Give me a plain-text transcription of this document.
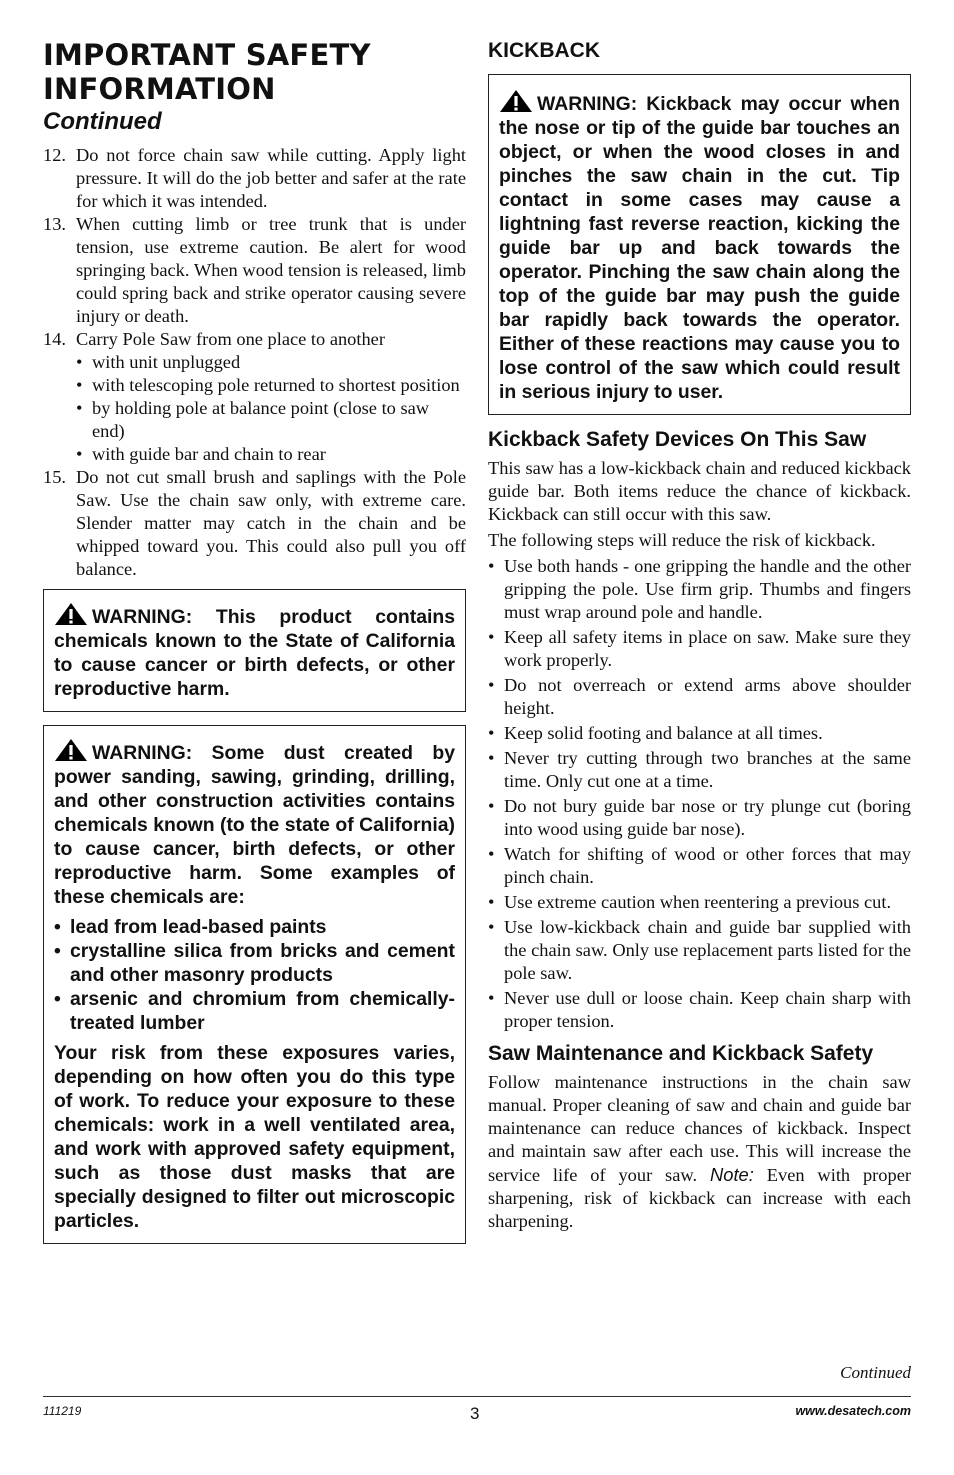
IMPORTANT SAFETY
INFORMATION
Continued
12. Do not force chain saw while cutting. Apply light pressure. It will do the job better and safer at the rate for which it was intended.
13. When cutting limb or tree trunk that is under tension, use extreme caution. Be alert for wood springing back. When wood tension is released, limb could spring back and strike operator causing severe injury or death.
14. Carry Pole Saw from one place to another
• with unit unplugged
• with telescoping pole returned to shortest position
• by holding pole at balance point (close to saw end)
• with guide bar and chain to rear
15. Do not cut small brush and saplings with the Pole Saw. Use the chain saw only, with extreme care. Slender matter may catch in the chain and be whipped toward you. This could also pull you off balance.

WARNING: This product contains chemicals known to the State of California to cause cancer or birth defects, or other reproductive harm.

WARNING: Some dust created by power sanding, sawing, grinding, drilling, and other construction activities contains chemicals known (to the state of California) to cause cancer, birth defects, or other reproductive harm. Some examples of these chemicals are:

• lead from lead-based paints
• crystalline silica from bricks and cement and other masonry products
• arsenic and chromium from chemically-treated lumber

Your risk from these exposures varies, depending on how often you do this type of work. To reduce your exposure to these chemicals: work in a well ventilated area, and work with approved safety equipment, such as those dust masks that are specially designed to filter out microscopic particles.

KICKBACK

WARNING: Kickback may occur when the nose or tip of the guide bar touches an object, or when the wood closes in and pinches the saw chain in the cut. Tip contact in some cases may cause a lightning fast reverse reaction, kicking the guide bar up and back towards the operator. Pinching the saw chain along the top of the guide bar may push the guide bar rapidly back towards the operator. Either of these reactions may cause you to lose control of the saw which could result in serious injury to user.

Kickback Safety Devices On This Saw

This saw has a low-kickback chain and reduced kickback guide bar. Both items reduce the chance of kickback. Kickback can still occur with this saw.

The following steps will reduce the risk of kickback.

• Use both hands - one gripping the handle and the other gripping the pole. Use firm grip. Thumbs and fingers must wrap around pole and handle.
• Keep all safety items in place on saw. Make sure they work properly.
• Do not overreach or extend arms above shoulder height.
• Keep solid footing and balance at all times.
• Never try cutting through two branches at the same time. Only cut one at a time.
• Do not bury guide bar nose or try plunge cut (boring into wood using guide bar nose).
• Watch for shifting of wood or other forces that may pinch chain.
• Use extreme caution when reentering a previous cut.
• Use low-kickback chain and guide bar supplied with the chain saw. Only use replacement parts listed for the pole saw.
• Never use dull or loose chain. Keep chain sharp with proper tension.
Saw Maintenance and Kickback Safety

Follow maintenance instructions in the chain saw manual. Proper cleaning of saw and chain and guide bar maintenance can reduce chances of kickback. Inspect and maintain saw after each use. This will increase the service life of your saw. Note: Even with proper sharpening, risk of kickback can increase with each sharpening.

Continued
111219	3	www.desatech.com
